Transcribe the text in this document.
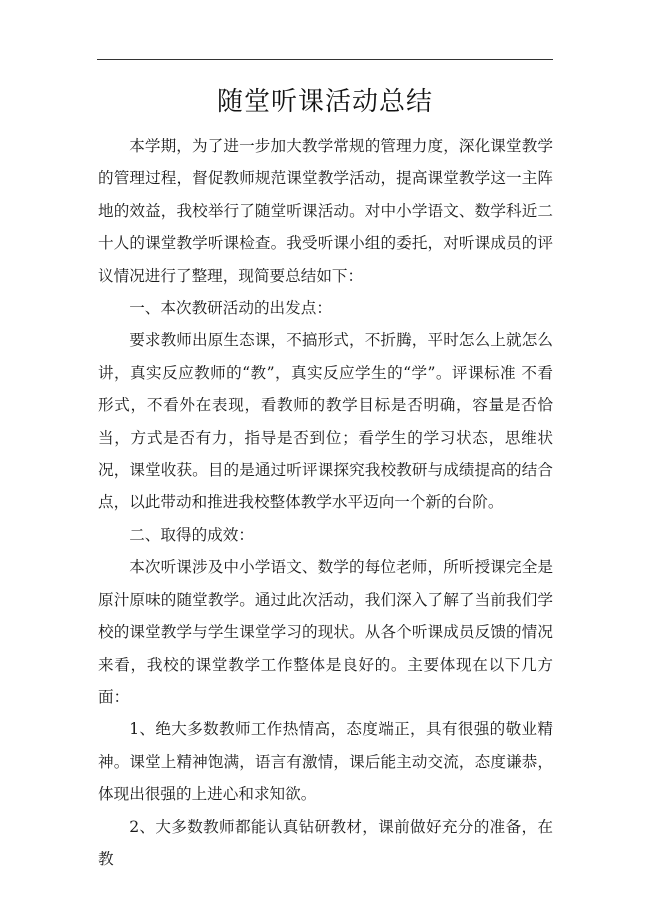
随堂听课活动总结

本学期，为了进一步加大教学常规的管理力度，深化课堂教学的管理过程，督促教师规范课堂教学活动，提高课堂教学这一主阵地的效益，我校举行了随堂听课活动。对中小学语文、数学科近二十人的课堂教学听课检查。我受听课小组的委托，对听课成员的评议情况进行了整理，现简要总结如下：

一、本次教研活动的出发点：

要求教师出原生态课，不搞形式，不折腾，平时怎么上就怎么讲，真实反应教师的“教”，真实反应学生的“学”。评课标准 不看形式，不看外在表现，看教师的教学目标是否明确，容量是否恰当，方式是否有力，指导是否到位；看学生的学习状态，思维状况，课堂收获。目的是通过听评课探究我校教研与成绩提高的结合点，以此带动和推进我校整体教学水平迈向一个新的台阶。

二、取得的成效：

本次听课涉及中小学语文、数学的每位老师，所听授课完全是原汁原味的随堂教学。通过此次活动，我们深入了解了当前我们学校的课堂教学与学生课堂学习的现状。从各个听课成员反馈的情况来看，我校的课堂教学工作整体是良好的。主要体现在以下几方面：

1、绝大多数教师工作热情高，态度端正，具有很强的敬业精神。课堂上精神饱满，语言有激情，课后能主动交流，态度谦恭，体现出很强的上进心和求知欲。

2、大多数教师都能认真钻研教材，课前做好充分的准备，在教
